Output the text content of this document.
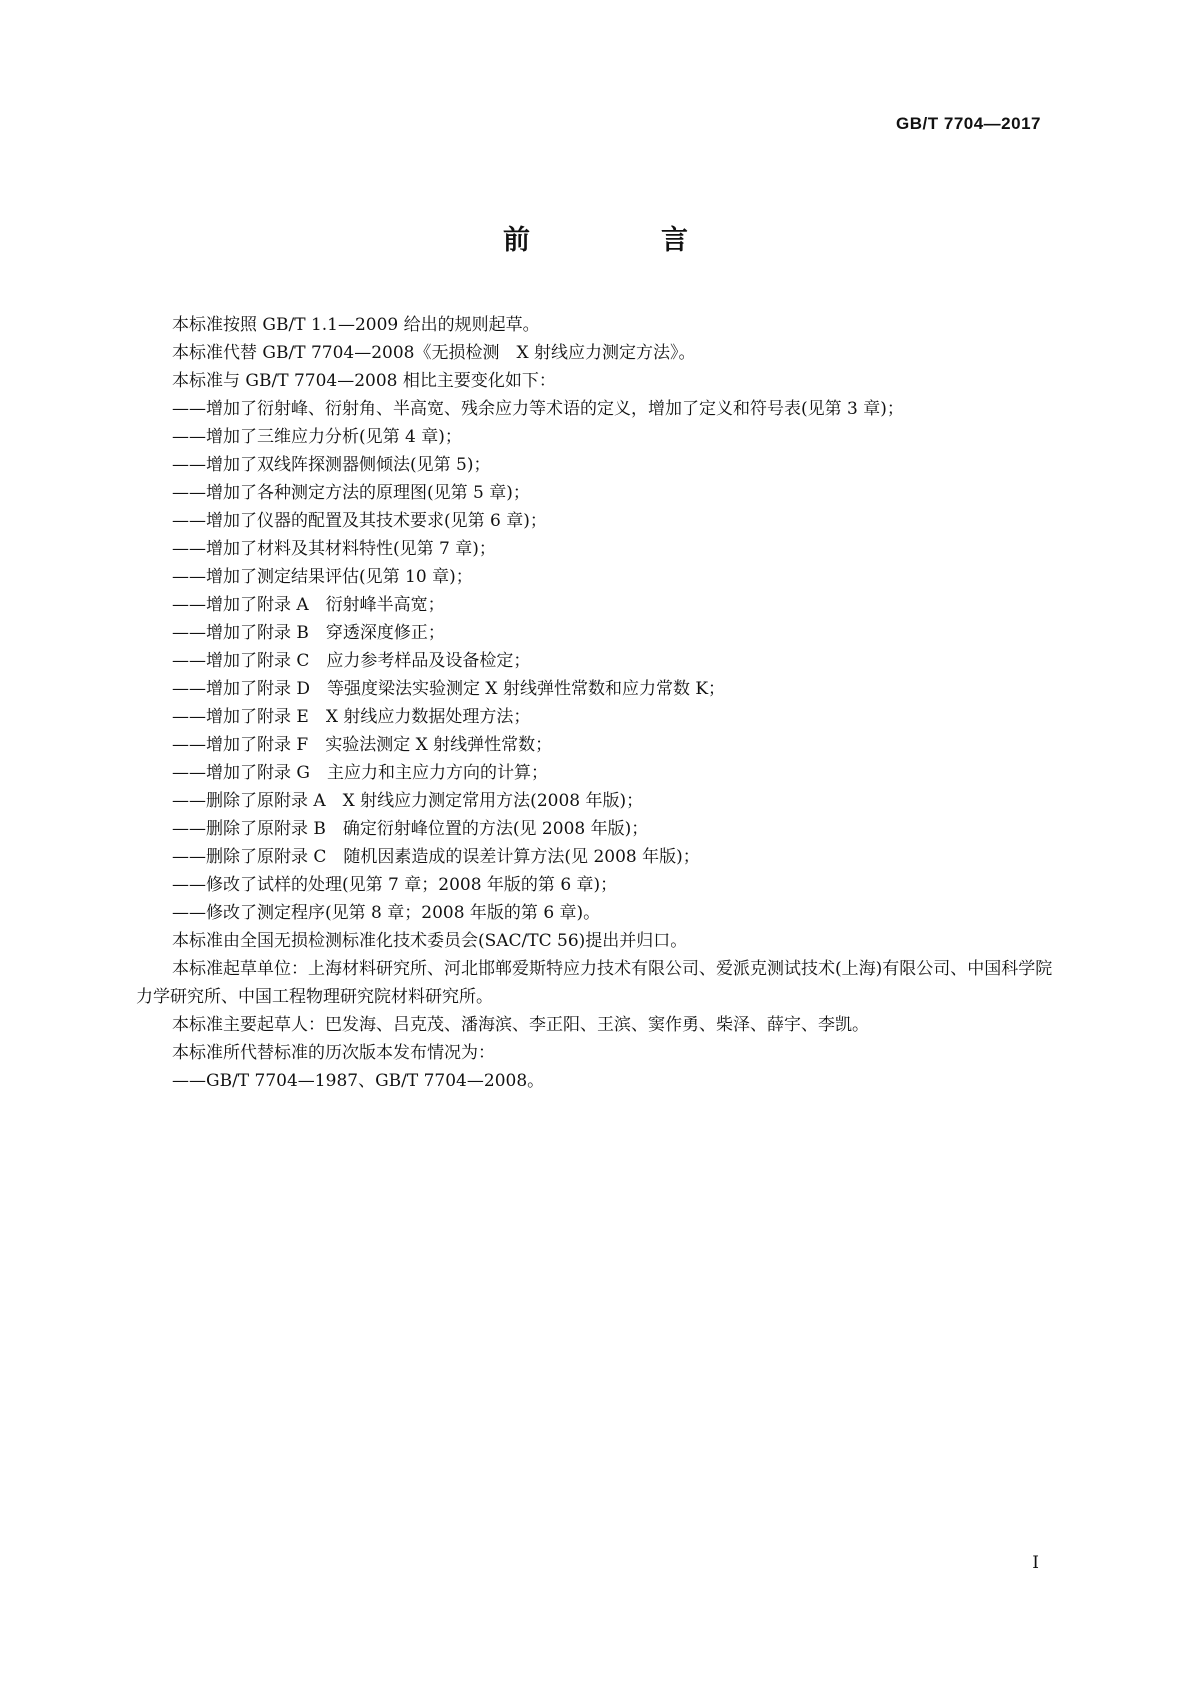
GB/T 7704—2017
前　言

本标准按照 GB/T 1.1—2009 给出的规则起草。

本标准代替 GB/T 7704—2008《无损检测　X 射线应力测定方法》。

本标准与 GB/T 7704—2008 相比主要变化如下：

——增加了衍射峰、衍射角、半高宽、残余应力等术语的定义，增加了定义和符号表(见第 3 章)；

——增加了三维应力分析(见第 4 章)；

——增加了双线阵探测器侧倾法(见第 5)；

——增加了各种测定方法的原理图(见第 5 章)；

——增加了仪器的配置及其技术要求(见第 6 章)；

——增加了材料及其材料特性(见第 7 章)；

——增加了测定结果评估(见第 10 章)；

——增加了附录 A　衍射峰半高宽；

——增加了附录 B　穿透深度修正；

——增加了附录 C　应力参考样品及设备检定；

——增加了附录 D　等强度梁法实验测定 X 射线弹性常数和应力常数 K；

——增加了附录 E　X 射线应力数据处理方法；

——增加了附录 F　实验法测定 X 射线弹性常数；

——增加了附录 G　主应力和主应力方向的计算；

——删除了原附录 A　X 射线应力测定常用方法(2008 年版)；

——删除了原附录 B　确定衍射峰位置的方法(见 2008 年版)；

——删除了原附录 C　随机因素造成的误差计算方法(见 2008 年版)；

——修改了试样的处理(见第 7 章；2008 年版的第 6 章)；

——修改了测定程序(见第 8 章；2008 年版的第 6 章)。

本标准由全国无损检测标准化技术委员会(SAC/TC 56)提出并归口。

本标准起草单位：上海材料研究所、河北邯郸爱斯特应力技术有限公司、爱派克测试技术(上海)有限公司、中国科学院力学研究所、中国工程物理研究院材料研究所。

本标准主要起草人：巴发海、吕克茂、潘海滨、李正阳、王滨、窦作勇、柴泽、薛宇、李凯。

本标准所代替标准的历次版本发布情况为：

——GB/T 7704—1987、GB/T 7704—2008。

I
